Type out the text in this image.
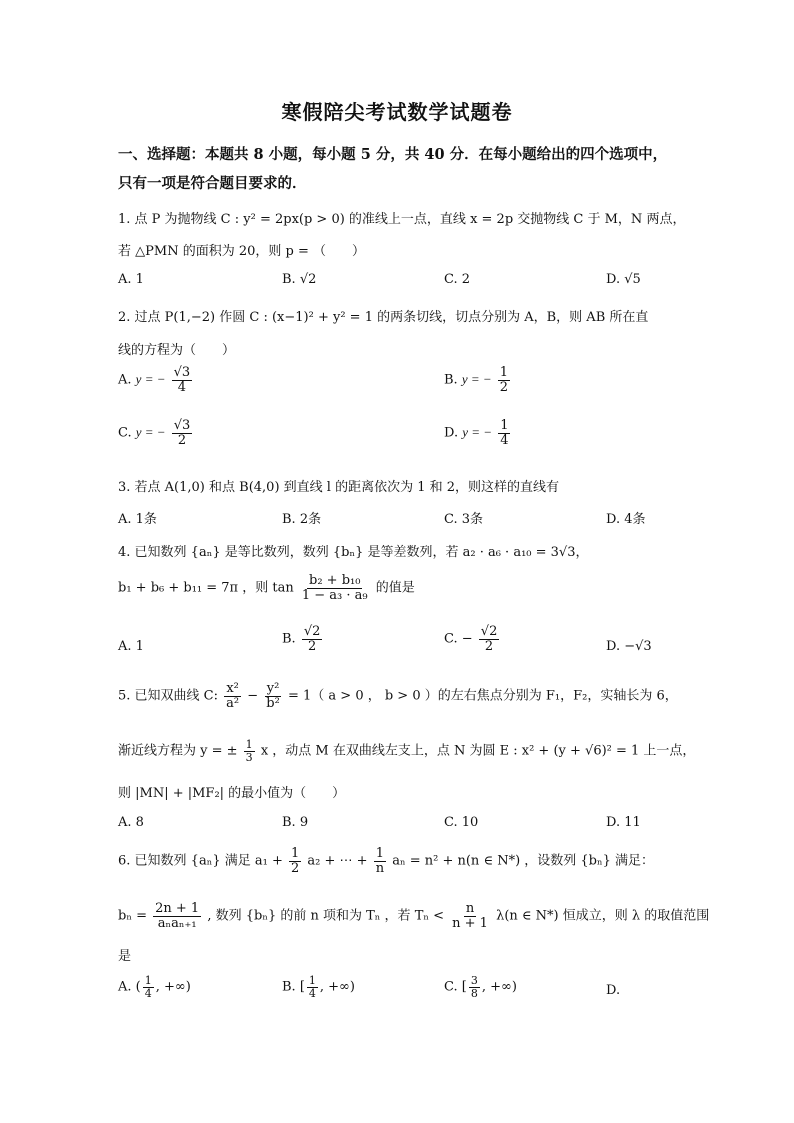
寒假陪尖考试数学试题卷
一、选择题：本题共 8 小题，每小题 5 分，共 40 分．在每小题给出的四个选项中，只有一项是符合题目要求的．
1. 点 P 为抛物线 C : y² = 2px(p > 0) 的准线上一点，直线 x = 2p 交抛物线 C 于 M，N 两点，
若 △PMN 的面积为 20，则 p = （　　）
A. 1	B. √2	C. 2	D. √5
2. 过点 P(1,−2) 作圆 C : (x−1)² + y² = 1 的两条切线，切点分别为 A，B，则 AB 所在直
线的方程为（　　）
A. y = − $\frac{√3}{4}$	B. y = − $\frac{1}{2}$
C. y = − $\frac{√3}{2}$	D. y = − $\frac{1}{4}$
3. 若点 A(1,0) 和点 B(4,0) 到直线 l 的距离依次为 1 和 2，则这样的直线有
A. 1条	B. 2条	C. 3条	D. 4条
4. 已知数列 {aₙ} 是等比数列，数列 {bₙ} 是等差数列，若 a₂ · a₆ · a₁₀ = 3√3，
b₁ + b₆ + b₁₁ = 7π ，则 $\tan \frac{\text{b₂ + b₁₀}}{\text{1 − a₃ · a₉}}$ 的值是
A. 1	B. $\frac{√2}{2}$	C. − $\frac{√2}{2}$	D. −√3
5. 已知双曲线 C: $\frac{\text{x²}}{\text{a²}} - \frac{\text{y²}}{\text{b²}} = 1$（ a > 0 ， b > 0 ）的左右焦点分别为 F₁，F₂，实轴长为 6，
渐近线方程为 y = ± $\frac{1}{3}$ x ，动点 M 在双曲线左支上，点 N 为圆 E : x² + (y + √6)² = 1 上一点，
则 |MN| + |MF₂| 的最小值为（　　）
A. 8	B. 9	C. 10	D. 11
6. 已知数列 {aₙ} 满足 $a_1 + \frac{1}{2} a_2$ + ⋯ + $\frac{1}{n}$ aₙ = n² + n(n ∈ N*) ，设数列 {bₙ} 满足：
$b_n = \frac{2n + 1}{\text{aₙaₙ₊₁}}$ , 数列 {bₙ} 的前 n 项和为 Tₙ ，若 $T_n < \frac{n}{n + 1} \lambda(n$ ∈ N*) 恒成立，则 λ 的取值范围
是
A. ( $\frac{1}{4}$ , +∞)	B. [ $\frac{1}{4}$ , +∞)	C. [ $\frac{3}{8}$ , +∞)	D.
